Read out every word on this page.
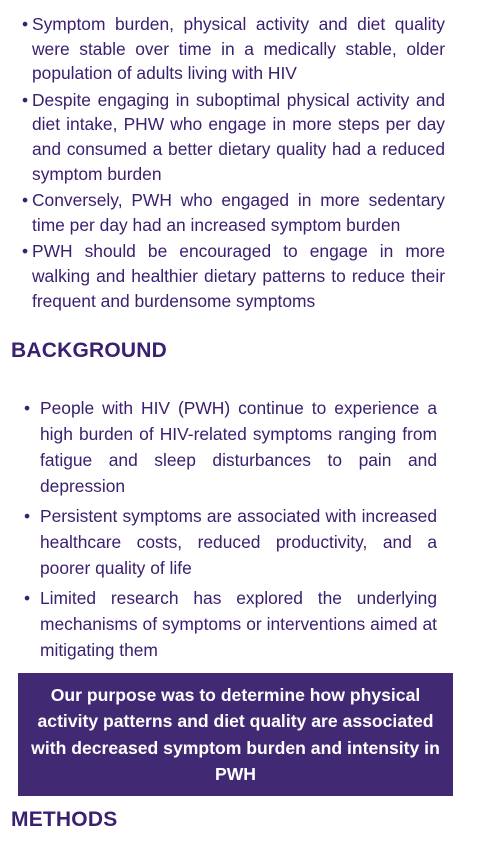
• Symptom burden, physical activity and diet quality were stable over time in a medically stable, older population of adults living with HIV
• Despite engaging in suboptimal physical activity and diet intake, PHW who engage in more steps per day and consumed a better dietary quality had a reduced symptom burden
• Conversely, PWH who engaged in more sedentary time per day had an increased symptom burden
• PWH should be encouraged to engage in more walking and healthier dietary patterns to reduce their frequent and burdensome symptoms
BACKGROUND
• People with HIV (PWH) continue to experience a high burden of HIV-related symptoms ranging from fatigue and sleep disturbances to pain and depression
• Persistent symptoms are associated with increased healthcare costs, reduced productivity, and a poorer quality of life
• Limited research has explored the underlying mechanisms of symptoms or interventions aimed at mitigating them

Our purpose was to determine how physical activity patterns and diet quality are associated with decreased symptom burden and intensity in PWH

METHODS
